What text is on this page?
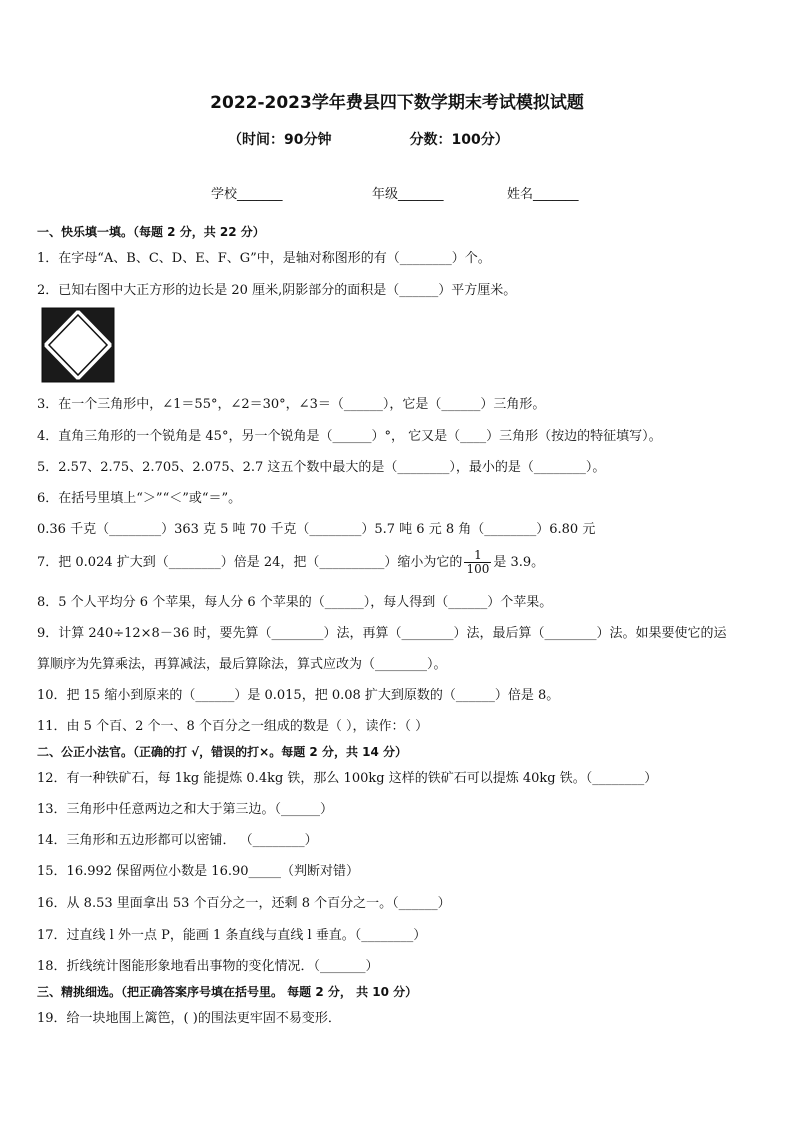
2022-2023学年费县四下数学期末考试模拟试题
（时间：90分钟                分数：100分）
学校_______	年级_______	姓名_______
一、快乐填一填。（每题 2 分，共 22 分）
1．在字母“A、B、C、D、E、F、G”中，是轴对称图形的有（________）个。
2．已知右图中大正方形的边长是 20 厘米,阴影部分的面积是（______）平方厘米。
3．在一个三角形中，∠1＝55°，∠2＝30°，∠3＝（______），它是（______）三角形。
4．直角三角形的一个锐角是 45°，另一个锐角是（______）°， 它又是（____）三角形（按边的特征填写）。
5．2.57、2.75、2.705、2.075、2.7 这五个数中最大的是（________），最小的是（________）。
6．在括号里填上“＞”“＜”或“＝”。
0.36 千克（________）363 克 5 吨 70 千克（________）5.7 吨 6 元 8 角（________）6.80 元
7．把 0.024 扩大到（________）倍是 24，把（__________）缩小为它的 $\frac{1}{100}$ 是 3.9。
8．5 个人平均分 6 个苹果，每人分 6 个苹果的（______），每人得到（______）个苹果。
9．计算 240÷12×8－36 时，要先算（________）法，再算（________）法，最后算（________）法。如果要使它的运
算顺序为先算乘法，再算减法，最后算除法，算式应改为（________）。
10．把 15 缩小到原来的（______）是 0.015，把 0.08 扩大到原数的（______）倍是 8。
11．由 5 个百、2 个一、8 个百分之一组成的数是（ ），读作：（ ）
二、公正小法官。（正确的打 √，错误的打×。每题 2 分，共 14 分）
12．有一种铁矿石，每 1kg 能提炼 0.4kg 铁，那么 100kg 这样的铁矿石可以提炼 40kg 铁。（________）
13．三角形中任意两边之和大于第三边。（______）
14．三角形和五边形都可以密铺． （________）
15．16.992 保留两位小数是 16.90_____（判断对错）
16．从 8.53 里面拿出 53 个百分之一，还剩 8 个百分之一。（______）
17．过直线 l 外一点 P，能画 1 条直线与直线 l 垂直。（________）
18．折线统计图能形象地看出事物的变化情况．（_______）
三、精挑细选。（把正确答案序号填在括号里。 每题 2 分， 共 10 分）
19．给一块地围上篱笆，( )的围法更牢固不易变形．
